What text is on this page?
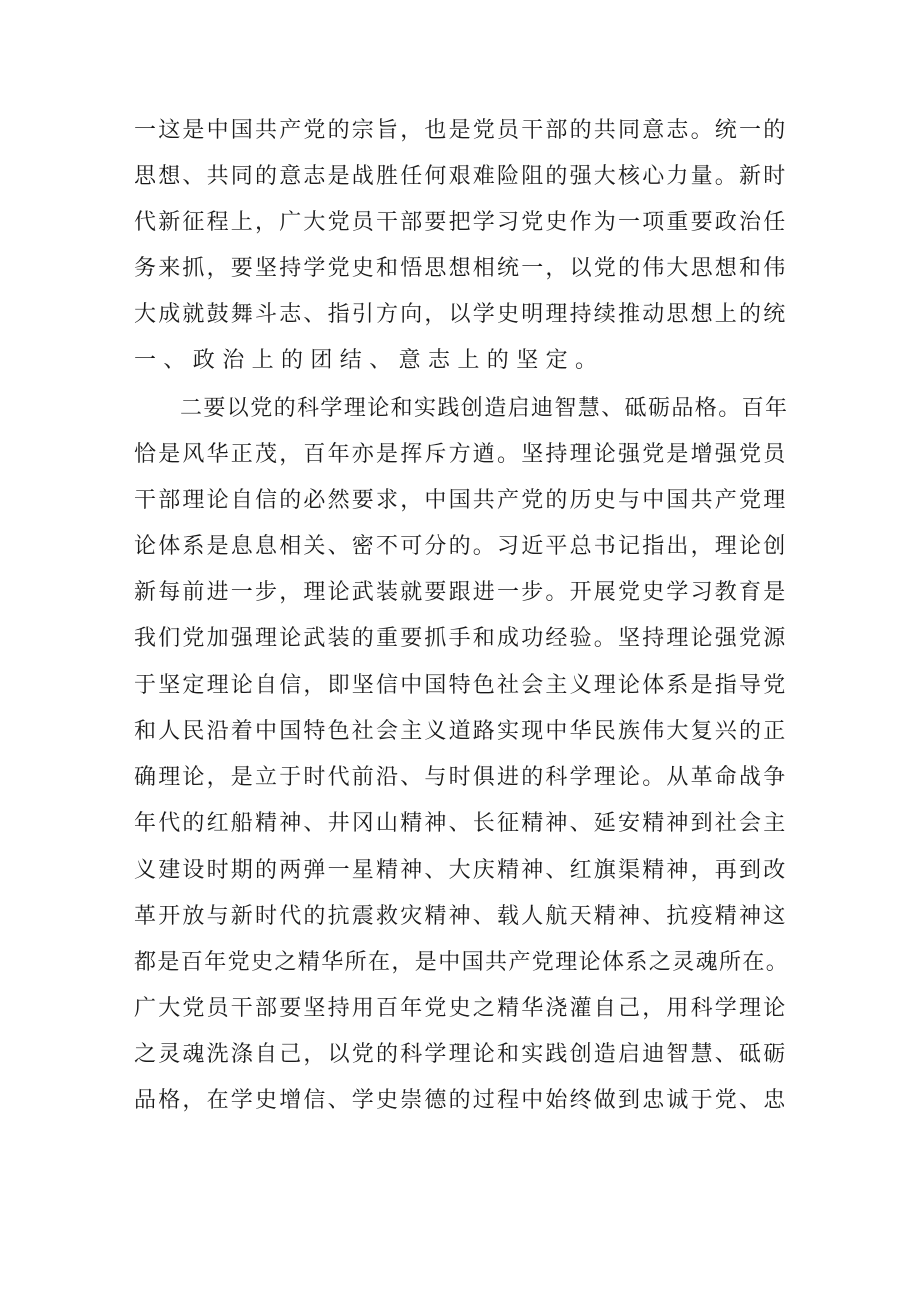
一这是中国共产党的宗旨，也是党员干部的共同意志。统一的
思想、共同的意志是战胜任何艰难险阻的强大核心力量。新时
代新征程上，广大党员干部要把学习党史作为一项重要政治任
务来抓，要坚持学党史和悟思想相统一，以党的伟大思想和伟
大成就鼓舞斗志、指引方向，以学史明理持续推动思想上的统
一、政治上的团结、意志上的坚定。
二要以党的科学理论和实践创造启迪智慧、砥砺品格。百年
恰是风华正茂，百年亦是挥斥方遒。坚持理论强党是增强党员
干部理论自信的必然要求，中国共产党的历史与中国共产党理
论体系是息息相关、密不可分的。习近平总书记指出，理论创
新每前进一步，理论武装就要跟进一步。开展党史学习教育是
我们党加强理论武装的重要抓手和成功经验。坚持理论强党源
于坚定理论自信，即坚信中国特色社会主义理论体系是指导党
和人民沿着中国特色社会主义道路实现中华民族伟大复兴的正
确理论，是立于时代前沿、与时俱进的科学理论。从革命战争
年代的红船精神、井冈山精神、长征精神、延安精神到社会主
义建设时期的两弹一星精神、大庆精神、红旗渠精神，再到改
革开放与新时代的抗震救灾精神、载人航天精神、抗疫精神这
都是百年党史之精华所在，是中国共产党理论体系之灵魂所在。
广大党员干部要坚持用百年党史之精华浇灌自己，用科学理论
之灵魂洗涤自己，以党的科学理论和实践创造启迪智慧、砥砺
品格，在学史增信、学史崇德的过程中始终做到忠诚于党、忠
